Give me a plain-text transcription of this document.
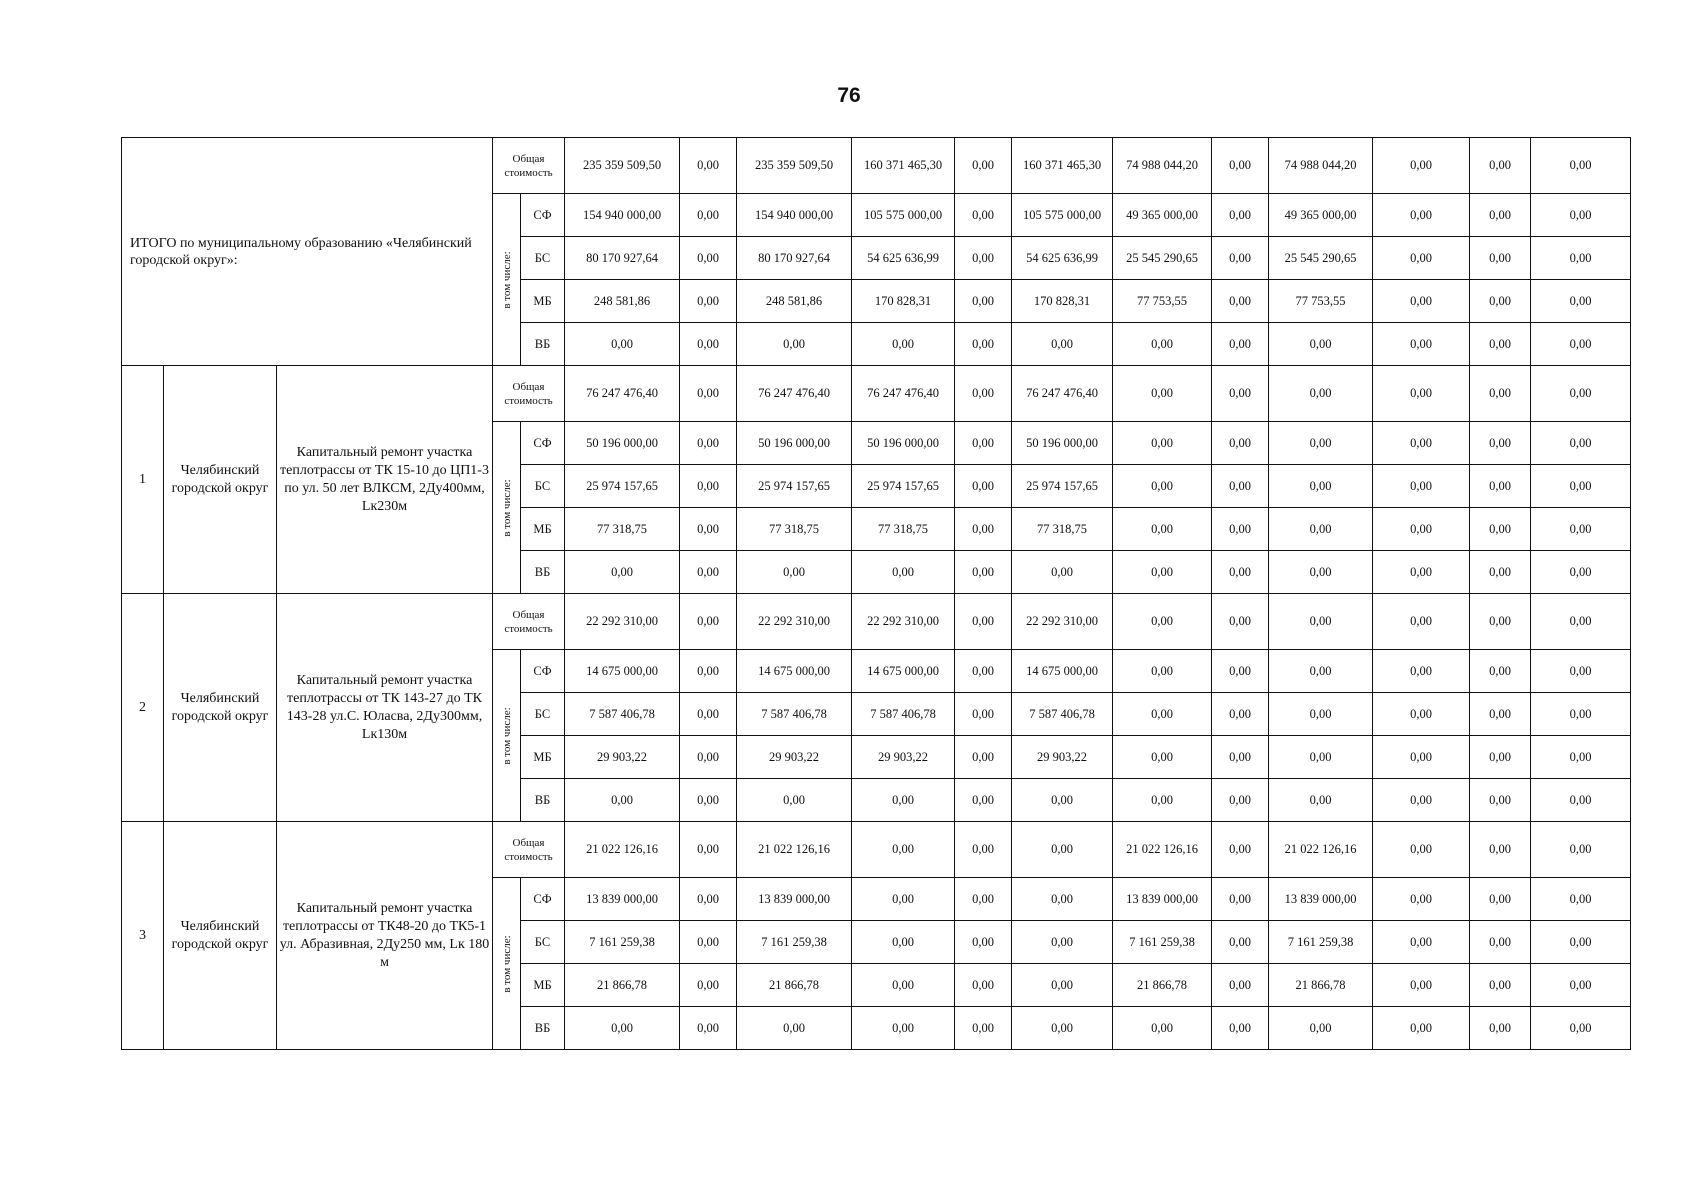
76
ИТОГО по муниципальному образованию «Челябинский городской округ»:			Общая стоимость		235 359 509,50	0,00	235 359 509,50	160 371 465,30	0,00	160 371 465,30	74 988 044,20	0,00	74 988 044,20	0,00	0,00	0,00

			в том числе:	СФ	154 940 000,00	0,00	154 940 000,00	105 575 000,00	0,00	105 575 000,00	49 365 000,00	0,00	49 365 000,00	0,00	0,00	0,00
				БС	80 170 927,64	0,00	80 170 927,64	54 625 636,99	0,00	54 625 636,99	25 545 290,65	0,00	25 545 290,65	0,00	0,00	0,00
				МБ	248 581,86	0,00	248 581,86	170 828,31	0,00	170 828,31	77 753,55	0,00	77 753,55	0,00	0,00	0,00
				ВБ	0,00	0,00	0,00	0,00	0,00	0,00	0,00	0,00	0,00	0,00	0,00	0,00
1	Челябинский городской округ	Капитальный ремонт участка теплотрассы от ТК 15-10 до ЦП1-3 по ул. 50 лет ВЛКСМ, 2Ду400мм, Lк230м	Общая стоимость		76 247 476,40	0,00	76 247 476,40	76 247 476,40	0,00	76 247 476,40	0,00	0,00	0,00	0,00	0,00	0,00

			в том числе:	СФ	50 196 000,00	0,00	50 196 000,00	50 196 000,00	0,00	50 196 000,00	0,00	0,00	0,00	0,00	0,00	0,00
				БС	25 974 157,65	0,00	25 974 157,65	25 974 157,65	0,00	25 974 157,65	0,00	0,00	0,00	0,00	0,00	0,00
				МБ	77 318,75	0,00	77 318,75	77 318,75	0,00	77 318,75	0,00	0,00	0,00	0,00	0,00	0,00
				ВБ	0,00	0,00	0,00	0,00	0,00	0,00	0,00	0,00	0,00	0,00	0,00	0,00
2	Челябинский городской округ	Капитальный ремонт участка теплотрассы от ТК 143-27 до ТК 143-28 ул.С. Юласва, 2Ду300мм, Lк130м	Общая стоимость		22 292 310,00	0,00	22 292 310,00	22 292 310,00	0,00	22 292 310,00	0,00	0,00	0,00	0,00	0,00	0,00

			в том числе:	СФ	14 675 000,00	0,00	14 675 000,00	14 675 000,00	0,00	14 675 000,00	0,00	0,00	0,00	0,00	0,00	0,00
				БС	7 587 406,78	0,00	7 587 406,78	7 587 406,78	0,00	7 587 406,78	0,00	0,00	0,00	0,00	0,00	0,00
				МБ	29 903,22	0,00	29 903,22	29 903,22	0,00	29 903,22	0,00	0,00	0,00	0,00	0,00	0,00
				ВБ	0,00	0,00	0,00	0,00	0,00	0,00	0,00	0,00	0,00	0,00	0,00	0,00
3	Челябинский городской округ	Капитальный ремонт участка теплотрассы от ТК48-20 до ТК5-1 ул. Абразивная, 2Ду250 мм, Lк 180 м	Общая стоимость		21 022 126,16	0,00	21 022 126,16	0,00	0,00	0,00	21 022 126,16	0,00	21 022 126,16	0,00	0,00	0,00

			в том числе:	СФ	13 839 000,00	0,00	13 839 000,00	0,00	0,00	0,00	13 839 000,00	0,00	13 839 000,00	0,00	0,00	0,00
				БС	7 161 259,38	0,00	7 161 259,38	0,00	0,00	0,00	7 161 259,38	0,00	7 161 259,38	0,00	0,00	0,00
				МБ	21 866,78	0,00	21 866,78	0,00	0,00	0,00	21 866,78	0,00	21 866,78	0,00	0,00	0,00
				ВБ	0,00	0,00	0,00	0,00	0,00	0,00	0,00	0,00	0,00	0,00	0,00	0,00
